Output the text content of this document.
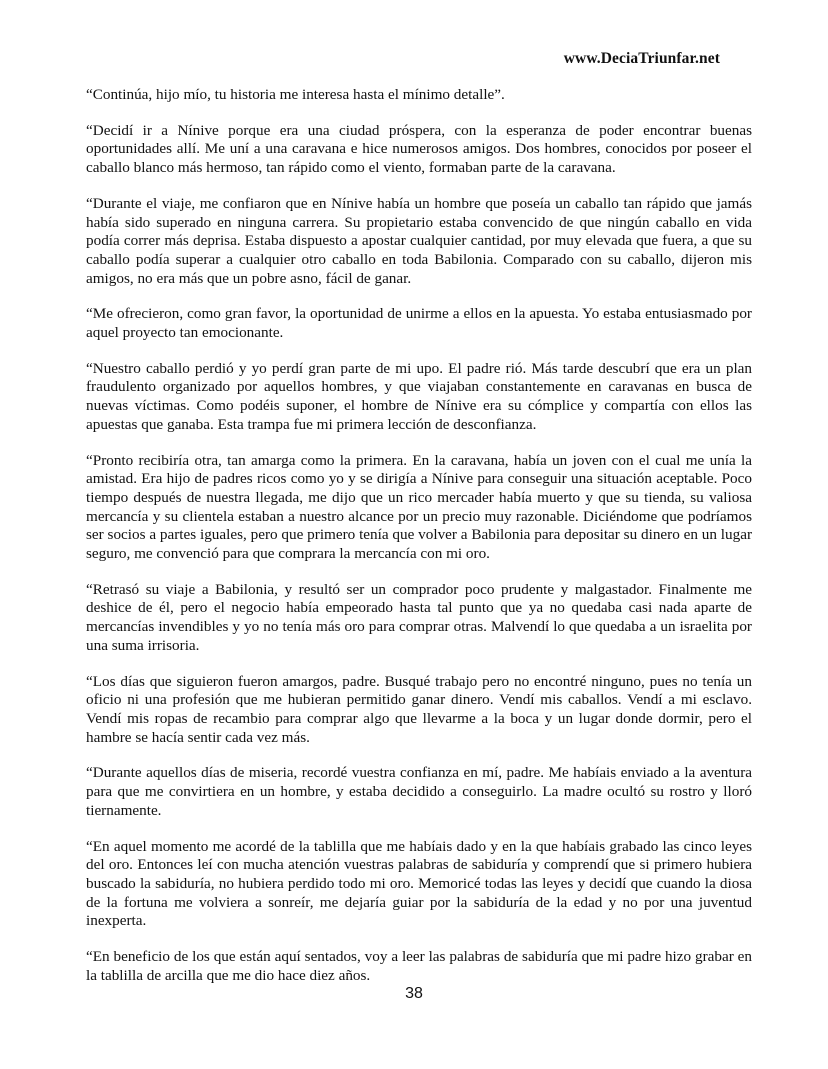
www.DeciaTriunfar.net

“Continúa, hijo mío, tu historia me interesa hasta el mínimo detalle”.

“Decidí ir a Nínive porque era una ciudad próspera, con la esperanza de poder encontrar buenas oportunidades allí. Me uní a una caravana e hice numerosos amigos. Dos hombres, conocidos por poseer el caballo blanco más hermoso, tan rápido como el viento, formaban parte de la caravana.

“Durante el viaje, me confiaron que en Nínive había un hombre que poseía un caballo tan rápido que jamás había sido superado en ninguna carrera. Su propietario estaba convencido de que ningún caballo en vida podía correr más deprisa. Estaba dispuesto a apostar cualquier cantidad, por muy elevada que fuera, a que su caballo podía superar a cualquier otro caballo en toda Babilonia. Comparado con su caballo, dijeron mis amigos, no era más que un pobre asno, fácil de ganar.

“Me ofrecieron, como gran favor, la oportunidad de unirme a ellos en la apuesta. Yo estaba entusiasmado por aquel proyecto tan emocionante.

“Nuestro caballo perdió y yo perdí gran parte de mi upo. El padre rió. Más tarde descubrí que era un plan fraudulento organizado por aquellos hombres, y que viajaban constantemente en caravanas en busca de nuevas víctimas. Como podéis suponer, el hombre de Nínive era su cómplice y compartía con ellos las apuestas que ganaba. Esta trampa fue mi primera lección de desconfianza.

“Pronto recibiría otra, tan amarga como la primera. En la caravana, había un joven con el cual me unía la amistad. Era hijo de padres ricos como yo y se dirigía a Nínive para conseguir una situación aceptable. Poco tiempo después de nuestra llegada, me dijo que un rico mercader había muerto y que su tienda, su valiosa mercancía y su clientela estaban a nuestro alcance por un precio muy razonable. Diciéndome que podríamos ser socios a partes iguales, pero que primero tenía que volver a Babilonia para depositar su dinero en un lugar seguro, me convenció para que comprara la mercancía con mi oro.

“Retrasó su viaje a Babilonia, y resultó ser un comprador poco prudente y malgastador. Finalmente me deshice de él, pero el negocio había empeorado hasta tal punto que ya no quedaba casi nada aparte de mercancías invendibles y yo no tenía más oro para comprar otras. Malvendí lo que quedaba a un israelita por una suma irrisoria.

“Los días que siguieron fueron amargos, padre. Busqué trabajo pero no encontré ninguno, pues no tenía un oficio ni una profesión que me hubieran permitido ganar dinero. Vendí mis caballos. Vendí a mi esclavo. Vendí mis ropas de recambio para comprar algo que llevarme a la boca y un lugar donde dormir, pero el hambre se hacía sentir cada vez más.

“Durante aquellos días de miseria, recordé vuestra confianza en mí, padre. Me habíais enviado a la aventura para que me convirtiera en un hombre, y estaba decidido a conseguirlo. La madre ocultó su rostro y lloró tiernamente.

“En aquel momento me acordé de la tablilla que me habíais dado y en la que habíais grabado las cinco leyes del oro. Entonces leí con mucha atención vuestras palabras de sabiduría y comprendí que si primero hubiera buscado la sabiduría, no hubiera perdido todo mi oro. Memoricé todas las leyes y decidí que cuando la diosa de la fortuna me volviera a sonreír, me dejaría guiar por la sabiduría de la edad y no por una juventud inexperta.

“En beneficio de los que están aquí sentados, voy a leer las palabras de sabiduría que mi padre hizo grabar en la tablilla de arcilla que me dio hace diez años.

38
